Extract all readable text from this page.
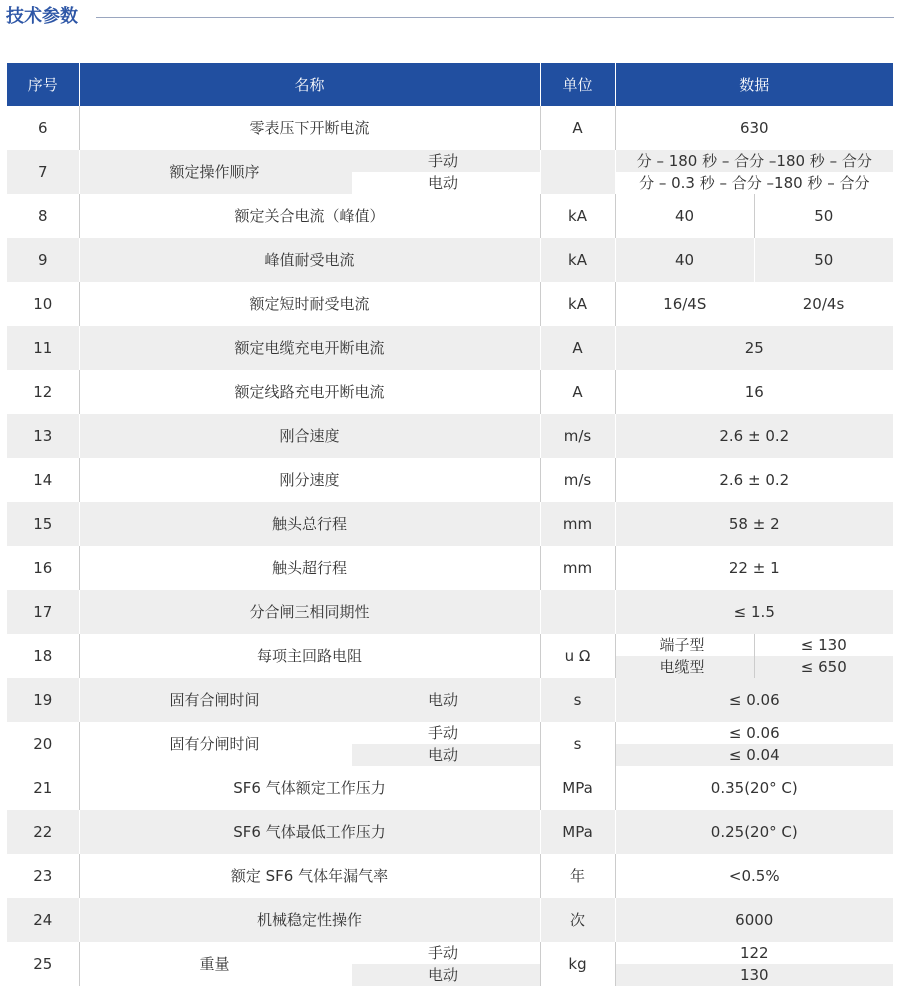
技术参数
序号	名称		单位	数据	
6	零表压下开断电流		A	630	
7	额定操作顺序	手动		分 – 180 秒 – 合分 –180 秒 – 合分	
		电动		分 – 0.3 秒 – 合分 –180 秒 – 合分	
8	额定关合电流（峰值）		kA	40	50
9	峰值耐受电流		kA	40	50
10	额定短时耐受电流		kA	16/4S	20/4s
11	额定电缆充电开断电流		A	25	
12	额定线路充电开断电流		A	16	
13	刚合速度		m/s	2.6 ± 0.2	
14	刚分速度		m/s	2.6 ± 0.2	
15	触头总行程		mm	58 ± 2	
16	触头超行程		mm	22 ± 1	
17	分合闸三相同期性			≤ 1.5	
18	每项主回路电阻		u Ω	端子型	≤ 130
				电缆型	≤ 650
19	固有合闸时间	电动	s	≤ 0.06	
20	固有分闸时间	手动	s	≤ 0.06	
		电动		≤ 0.04	
21	SF6 气体额定工作压力		MPa	0.35(20° C)	
22	SF6 气体最低工作压力		MPa	0.25(20° C)	
23	额定 SF6 气体年漏气率		年	<0.5%	
24	机械稳定性操作		次	6000	
25	重量	手动	kg	122	
		电动		130	
